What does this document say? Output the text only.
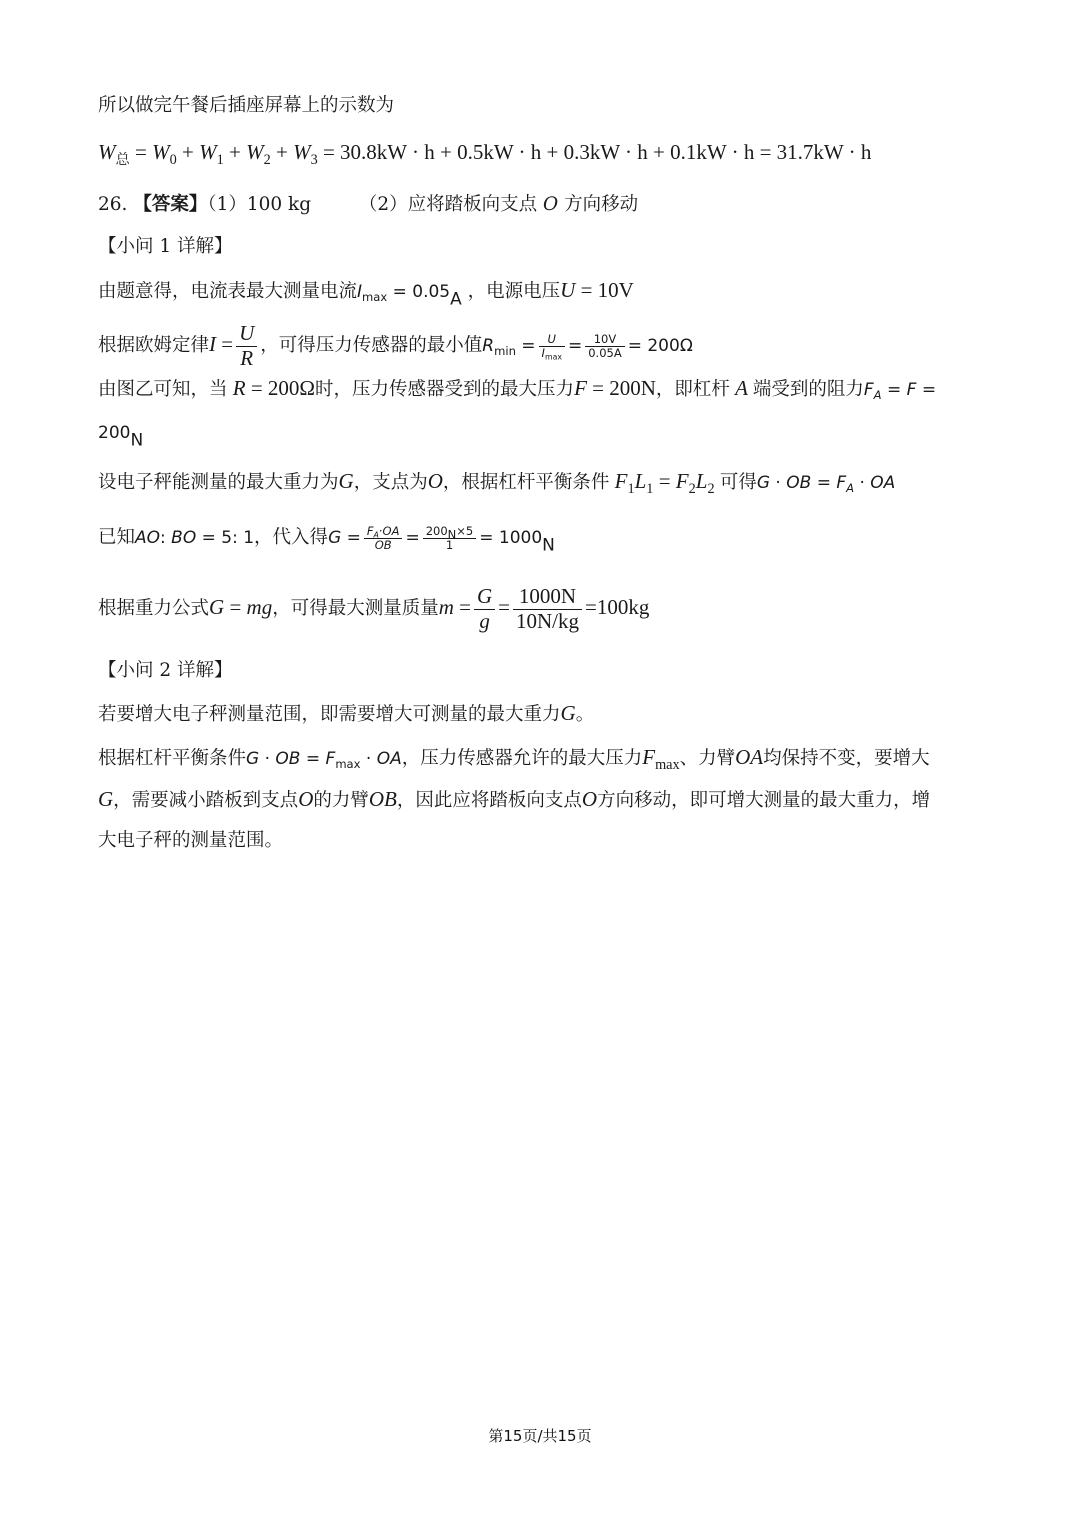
所以做完午餐后插座屏幕上的示数为
$W_总 = W_0 + W_1 + W_2 + W_3 = 30.8kW \cdot h + 0.5kW \cdot h + 0.3kW \cdot h + 0.1kW \cdot h = 31.7kW \cdot h$
26. 【答案】（1）100 kg	（2）应将踏板向支点 O 方向移动
【小问 1 详解】
由题意得，电流表最大测量电流$I_{max} = 0.05_A$ ，电源电压U = 10V
根据欧姆定律$I = \frac{U}{R}$ ，可得压力传感器的最小值$R_{min} = \frac{U}{I_{max}} = \frac{10V}{0.05A} = 200\Omega$
由图乙可知，当 R = 200Ω时，压力传感器受到的最大压力F = 200N，即杠杆 A 端受到的阻力$F_A = F$ =
$200_N$
设电子秤能测量的最大重力为G，支点为O，根据杠杆平衡条件 $F_1L_1 = F_2L_2$ 可得G · OB = $F_A$ · OA
已知AO: BO = 5: 1，代入得$G = \frac{F_A\cdot OA}{OB} = \frac{200_N\times 5}{1} = 1000_N$
根据重力公式G = mg，可得最大测量质量$m = \frac{G}{g} = \frac{1000N}{10N/kg} =100kg$
【小问 2 详解】
若要增大电子秤测量范围，即需要增大可测量的最大重力G。
根据杠杆平衡条件G · OB = $F_{max}$ · OA，压力传感器允许的最大压力$F_{max}$、力臂OA均保持不变，要增大
G，需要减小踏板到支点O的力臂OB，因此应将踏板向支点O方向移动，即可增大测量的最大重力，增
大电子秤的测量范围。
第15页/共15页
